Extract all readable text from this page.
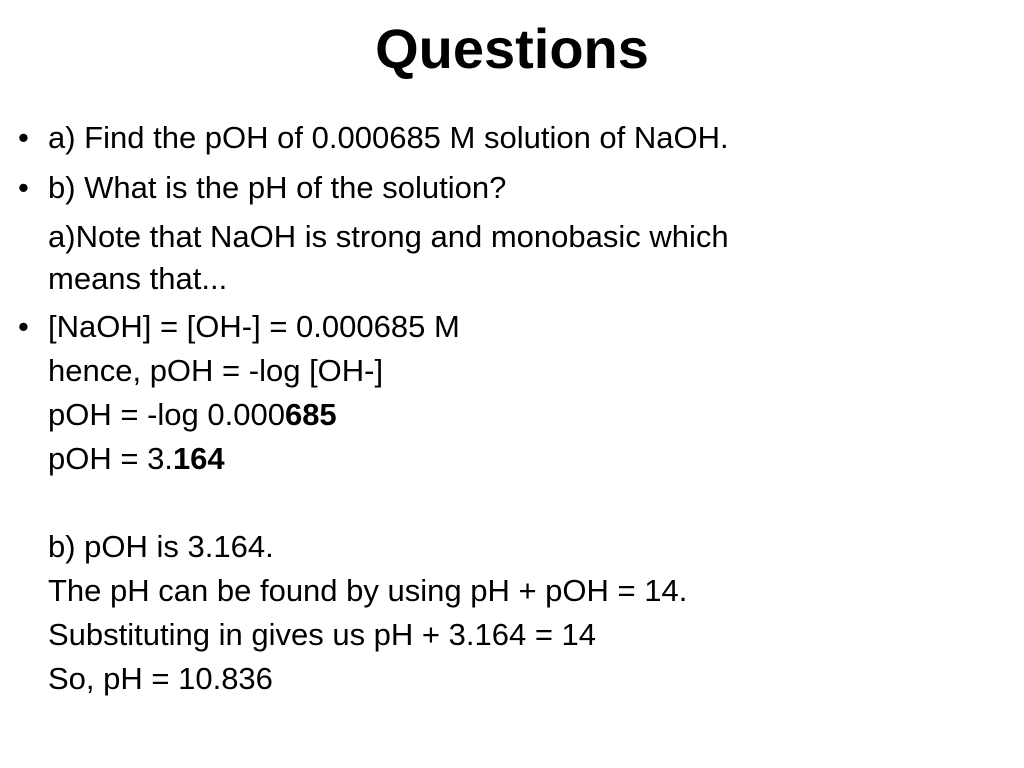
Questions
• a) Find the pOH of 0.000685 M solution of NaOH.
• b) What is the pH of the solution?
a)Note that NaOH is strong and monobasic which
means that...
• [NaOH] = [OH-] = 0.000685 M
hence, pOH = -log [OH-]
pOH = -log 0.000685
pOH = 3.164
b) pOH is 3.164.
The pH can be found by using pH + pOH = 14.
Substituting in gives us pH + 3.164 = 14
So, pH = 10.836
